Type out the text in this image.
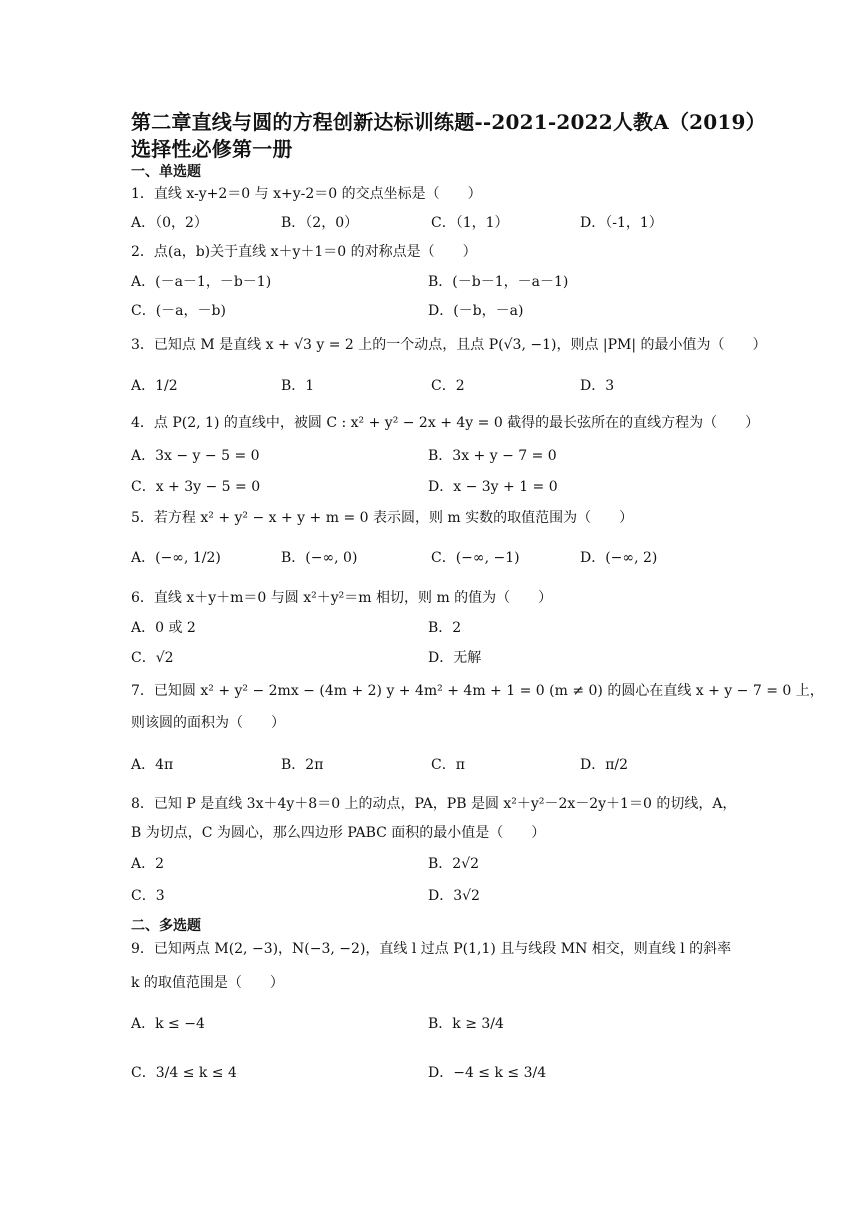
第二章直线与圆的方程创新达标训练题--2021-2022人教A（2019）
选择性必修第一册
一、单选题
1．直线 x-y+2＝0 与 x+y-2＝0 的交点坐标是（　　）
A．（0，2）	B．（2，0）	C．（1，1）	D．（-1，1）
2．点(a，b)关于直线 x＋y＋1＝0 的对称点是（　　）
A．(－a－1，－b－1)	B．(－b－1，－a－1)
C．(－a，－b)	D．(－b，－a)
3．已知点 M 是直线 x + √3 y = 2 上的一个动点，且点 P(√3, −1)，则点 |PM| 的最小值为（　　）
A．1/2	B．1	C．2	D．3
4．点 P(2, 1) 的直线中，被圆 C : x² + y² − 2x + 4y = 0 截得的最长弦所在的直线方程为（　　）
A．3x − y − 5 = 0	B．3x + y − 7 = 0
C．x + 3y − 5 = 0	D．x − 3y + 1 = 0
5．若方程 x² + y² − x + y + m = 0 表示圆，则 m 实数的取值范围为（　　）
A．(−∞, 1/2)	B．(−∞, 0)	C．(−∞, −1)	D．(−∞, 2)
6．直线 x＋y＋m＝0 与圆 x²＋y²＝m 相切，则 m 的值为（　　）
A．0 或 2	B．2
C．√2	D．无解
7．已知圆 x² + y² − 2mx − (4m + 2) y + 4m² + 4m + 1 = 0 (m ≠ 0) 的圆心在直线 x + y − 7 = 0 上，
则该圆的面积为（　　）
A．4π	B．2π	C．π	D．π/2
8．已知 P 是直线 3x＋4y＋8＝0 上的动点，PA，PB 是圆 x²＋y²－2x－2y＋1＝0 的切线，A，
B 为切点，C 为圆心，那么四边形 PABC 面积的最小值是（　　）
A．2	B．2√2
C．3	D．3√2
二、多选题
9．已知两点 M(2, −3)，N(−3, −2)，直线 l 过点 P(1,1) 且与线段 MN 相交，则直线 l 的斜率
k 的取值范围是（　　）
A．k ≤ −4	B．k ≥ 3/4
C．3/4 ≤ k ≤ 4	D．−4 ≤ k ≤ 3/4
